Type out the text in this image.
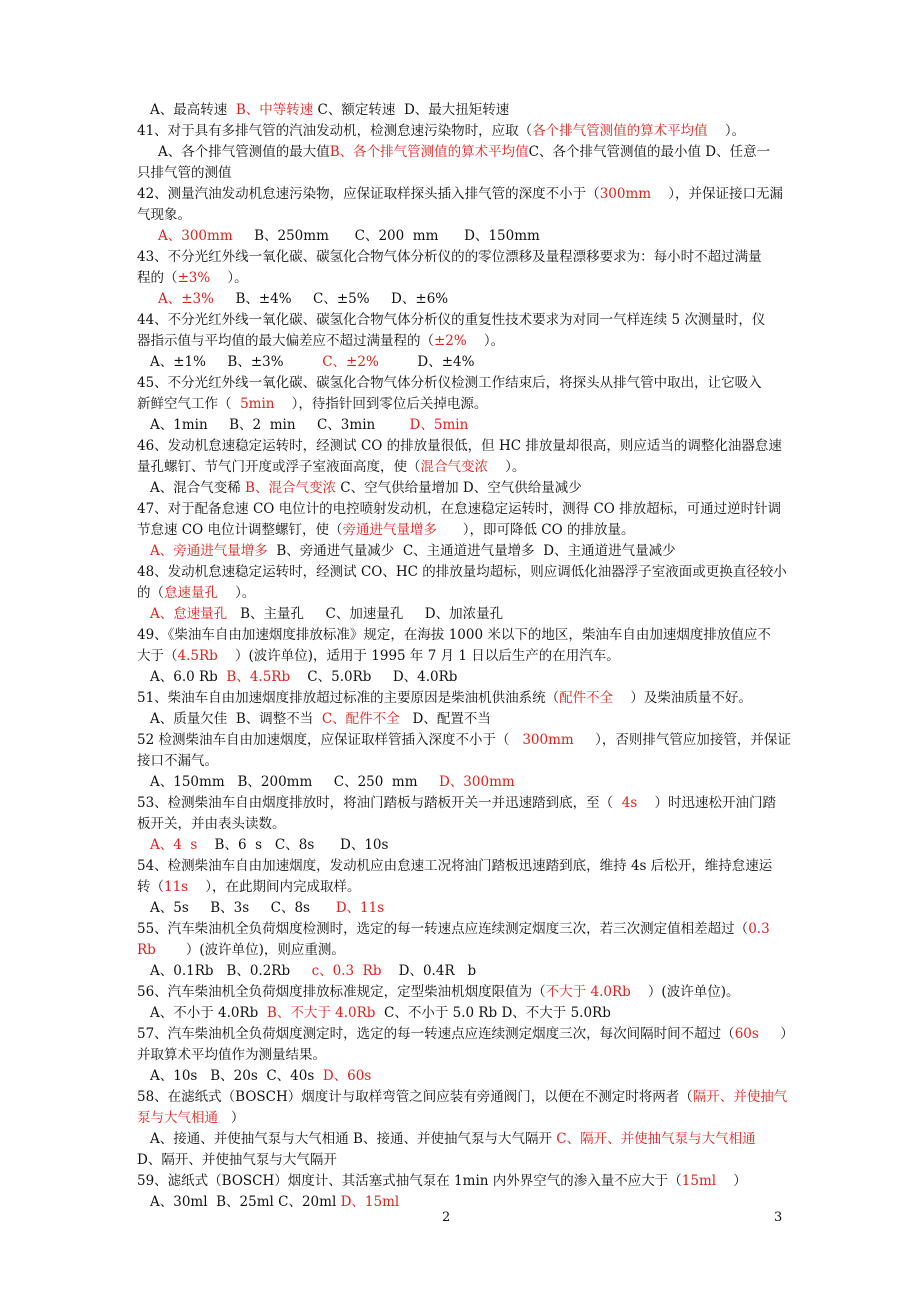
A、最高转速  B、中等转速 C、额定转速  D、最大扭矩转速
41、对于具有多排气管的汽油发动机，检测怠速污染物时，应取（各个排气管测值的算术平均值    ）。
A、各个排气管测值的最大值B、各个排气管测值的算术平均值C、各个排气管测值的最小值 D、任意一
只排气管的测值
42、测量汽油发动机怠速污染物，应保证取样探头插入排气管的深度不小于（300mm    ），并保证接口无漏
气现象。
A、300mm     B、250mm      C、200  mm      D、150mm
43、不分光红外线一氧化碳、碳氢化合物气体分析仪的的零位漂移及量程漂移要求为：每小时不超过满量
程的（±3%    ）。
A、±3%     B、±4%     C、±5%     D、±6%
44、不分光红外线一氧化碳、碳氢化合物气体分析仪的重复性技术要求为对同一气样连续 5 次测量时，仪
器指示值与平均值的最大偏差应不超过满量程的（±2%    ）。
A、±1%     B、±3%         C、±2%         D、±4%
45、不分光红外线一氧化碳、碳氢化合物气体分析仪检测工作结束后，将探头从排气管中取出，让它吸入
新鲜空气工作（  5min    ），待指针回到零位后关掉电源。
A、1min     B、2  min     C、3min        D、5min
46、发动机怠速稳定运转时，经测试 CO 的排放量很低，但 HC 排放量却很高，则应适当的调整化油器怠速
量孔螺钉、节气门开度或浮子室液面高度，使（混合气变浓    ）。
A、混合气变稀 B、混合气变浓 C、空气供给量增加 D、空气供给量减少
47、对于配备怠速 CO 电位计的电控喷射发动机，在怠速稳定运转时，测得 CO 排放超标，可通过逆时针调
节怠速 CO 电位计调整螺钉，使（旁通进气量增多      ），即可降低 CO 的排放量。
A、旁通进气量增多  B、旁通进气量减少  C、主通道进气量增多  D、主通道进气量减少
48、发动机怠速稳定运转时，经测试 CO、HC 的排放量均超标，则应调低化油器浮子室液面或更换直径较小
的（怠速量孔    ）。
A、怠速量孔   B、主量孔     C、加速量孔     D、加浓量孔
49、《柴油车自由加速烟度排放标准》规定，在海拔 1000 米以下的地区，柴油车自由加速烟度排放值应不
大于（4.5Rb    ）(波许单位)，适用于 1995 年 7 月 1 日以后生产的在用汽车。
A、6.0 Rb  B、4.5Rb    C、5.0Rb     D、4.0Rb
51、柴油车自由加速烟度排放超过标准的主要原因是柴油机供油系统（配件不全    ）及柴油质量不好。
A、质量欠佳  B、调整不当  C、配件不全   D、配置不当
52 检测柴油车自由加速烟度，应保证取样管插入深度不小于（   300mm     ），否则排气管应加接管，并保证
接口不漏气。
A、150mm   B、200mm     C、250  mm     D、300mm
53、检测柴油车自由烟度排放时，将油门踏板与踏板开关一并迅速踏到底，至（  4s    ）时迅速松开油门踏
板开关，并由表头读数。
A、4  s    B、6  s   C、8s      D、10s
54、检测柴油车自由加速烟度，发动机应由怠速工况将油门踏板迅速踏到底，维持 4s 后松开，维持怠速运
转（11s    ），在此期间内完成取样。
A、5s     B、3s     C、8s      D、11s
55、汽车柴油机全负荷烟度检测时，选定的每一转速点应连续测定烟度三次，若三次测定值相差超过（0.3
Rb       ）(波许单位)，则应重测。
A、0.1Rb   B、0.2Rb     c、0.3  Rb    D、0.4R   b
56、汽车柴油机全负荷烟度排放标准规定，定型柴油机烟度限值为（不大于 4.0Rb    ）(波许单位)。
A、不小于 4.0Rb  B、不大于 4.0Rb  C、不小于 5.0 Rb D、不大于 5.0Rb
57、汽车柴油机全负荷烟度测定时，选定的每一转速点应连续测定烟度三次，每次间隔时间不超过（60s     ）
并取算术平均值作为测量结果。
A、10s   B、20s  C、40s  D、60s
58、在滤纸式（BOSCH）烟度计与取样弯管之间应装有旁通阀门，以便在不测定时将两者（隔开、并使抽气
泵与大气相通   ）
A、接通、并使抽气泵与大气相通 B、接通、并使抽气泵与大气隔开 C、隔开、并使抽气泵与大气相通
D、隔开、并使抽气泵与大气隔开
59、滤纸式（BOSCH）烟度计、其活塞式抽气泵在 1min 内外界空气的渗入量不应大于（15ml    ）
A、30ml  B、25ml C、20ml D、15ml
2	3
